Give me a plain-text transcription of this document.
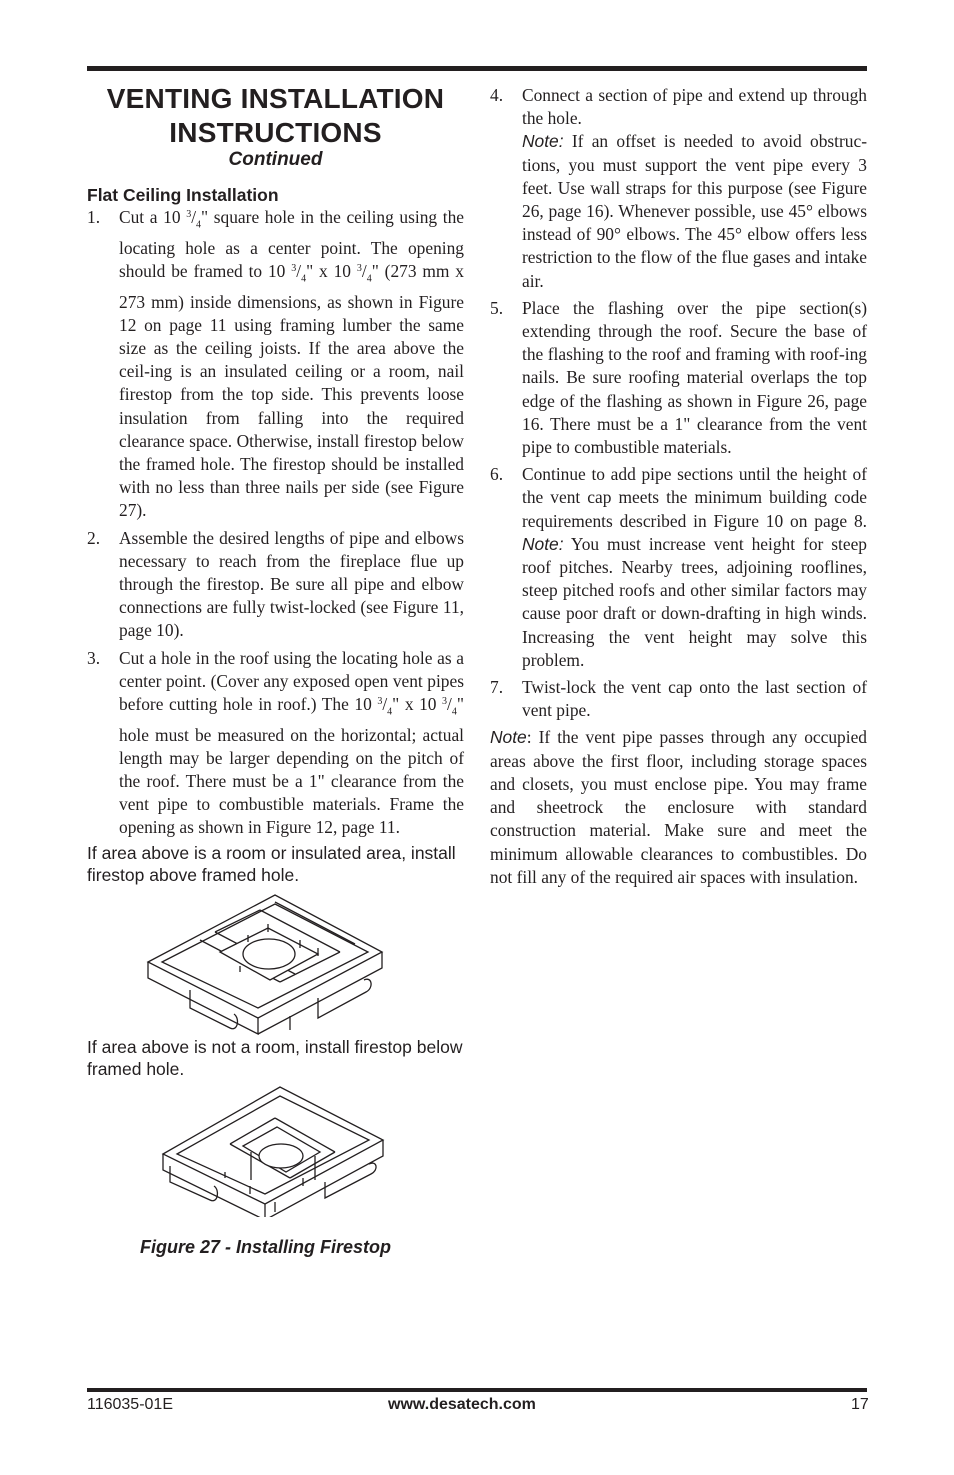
VENTING INSTALLATION
INSTRUCTIONS
Continued
Flat Ceiling Installation
1.	Cut a 10 $^3/_4$" square hole in the ceiling using the locating hole as a center point. The opening should be framed to 10 $^3/_4$" x 10 $^3/_4$" (273 mm x 273 mm) inside dimensions, as shown in Figure 12 on page 11 using framing lumber the same size as the ceiling joists. If the area above the ceil-ing is an insulated ceiling or a room, nail firestop from the top side. This prevents loose insulation from falling into the required clearance space. Otherwise, install firestop below the framed hole. The firestop should be installed with no less than three nails per side (see Figure 27).
2.	Assemble the desired lengths of pipe and elbows necessary to reach from the fireplace flue up through the firestop. Be sure all pipe and elbow connections are fully twist-locked (see Figure 11, page 10).
3.	Cut a hole in the roof using the locating hole as a center point. (Cover any exposed open vent pipes before cutting hole in roof.) The 10 $^3/_4$" x 10 $^3/_4$" hole must be measured on the horizontal; actual length may be larger depending on the pitch of the roof. There must be a 1" clearance from the vent pipe to combustible materials. Frame the opening as shown in Figure 12, page 11.
4.	Connect a section of pipe and extend up through the hole.
Note: If an offset is needed to avoid obstruc-tions, you must support the vent pipe every 3 feet. Use wall straps for this purpose (see Figure 26, page 16). Whenever possible, use 45° elbows instead of 90° elbows. The 45° elbow offers less restriction to the flow of the flue gases and intake air.
5.	Place the flashing over the pipe section(s) extending through the roof. Secure the base of the flashing to the roof and framing with roof-ing nails. Be sure roofing material overlaps the top edge of the flashing as shown in Figure 26, page 16. There must be a 1" clearance from the vent pipe to combustible materials.
6.	Continue to add pipe sections until the height of the vent cap meets the minimum building code requirements described in Figure 10 on page 8. Note: You must increase vent height for steep roof pitches. Nearby trees, adjoining rooflines, steep pitched roofs and other similar factors may cause poor draft or down-drafting in high winds. Increasing the vent height may solve this problem.
7.	Twist-lock the vent cap onto the last section of vent pipe.
Note: If the vent pipe passes through any occupied areas above the first floor, including storage spaces and closets, you must enclose pipe. You may frame and sheetrock the enclosure with standard construction material. Make sure and meet the minimum allowable clearances to combustibles. Do not fill any of the required air spaces with insulation.
If area above is a room or insulated area, install firestop above framed hole.
If area above is not a room, install firestop below framed hole.
Figure 27 - Installing Firestop
116035-01E	www.desatech.com	17
